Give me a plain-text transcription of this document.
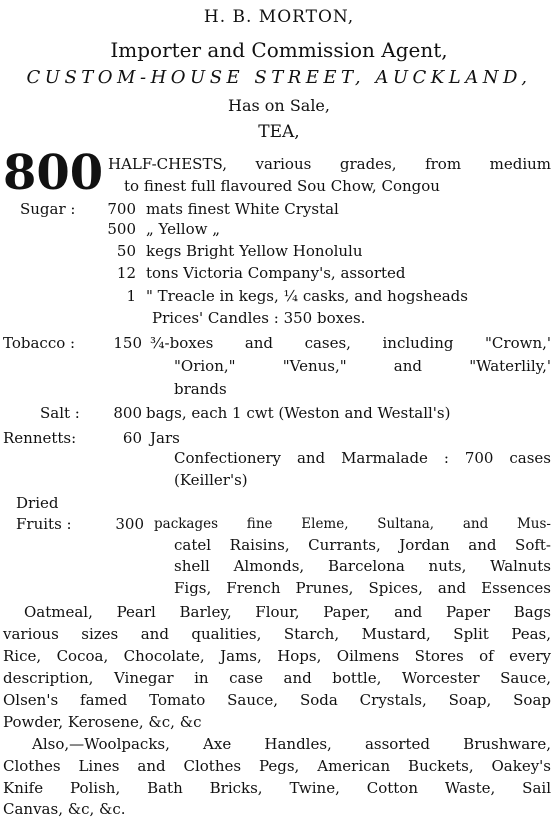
H. B. MORTON,
Importer and Commission Agent,
CUSTOM-HOUSE STREET, AUCKLAND,
Has on Sale,
TEA,
800 HALF-CHESTS, various grades, from medium
to finest full flavoured Sou Chow, Congou
Sugar : 700 mats finest White Crystal
500 „ Yellow „
50 kegs Bright Yellow Honolulu
12 tons Victoria Company's, assorted
1 " Treacle in kegs, ¼ casks, and hogsheads
Prices' Candles : 350 boxes.
Tobacco :	150 ¾-boxes and cases, including "Crown,'
"Orion," "Venus," and "Waterlily,'
brands
Salt :	800 bags, each 1 cwt (Weston and Westall's)
Rennetts:	60 Jars
Confectionery and Marmalade : 700 cases
(Keiller's)
Dried
Fruits :	300 packages fine Eleme, Sultana, and Mus-
catel Raisins, Currants, Jordan and Soft-
shell Almonds, Barcelona nuts, Walnuts
Figs, French Prunes, Spices, and Essences
Oatmeal, Pearl Barley, Flour, Paper, and Paper Bags
various sizes and qualities, Starch, Mustard, Split Peas,
Rice, Cocoa, Chocolate, Jams, Hops, Oilmens Stores of every
description, Vinegar in case and bottle, Worcester Sauce,
Olsen's famed Tomato Sauce, Soda Crystals, Soap, Soap
Powder, Kerosene, &c, &c
Also,—Woolpacks, Axe Handles, assorted Brushware,
Clothes Lines and Clothes Pegs, American Buckets, Oakey's
Knife Polish, Bath Bricks, Twine, Cotton Waste, Sail
Canvas, &c, &c.
